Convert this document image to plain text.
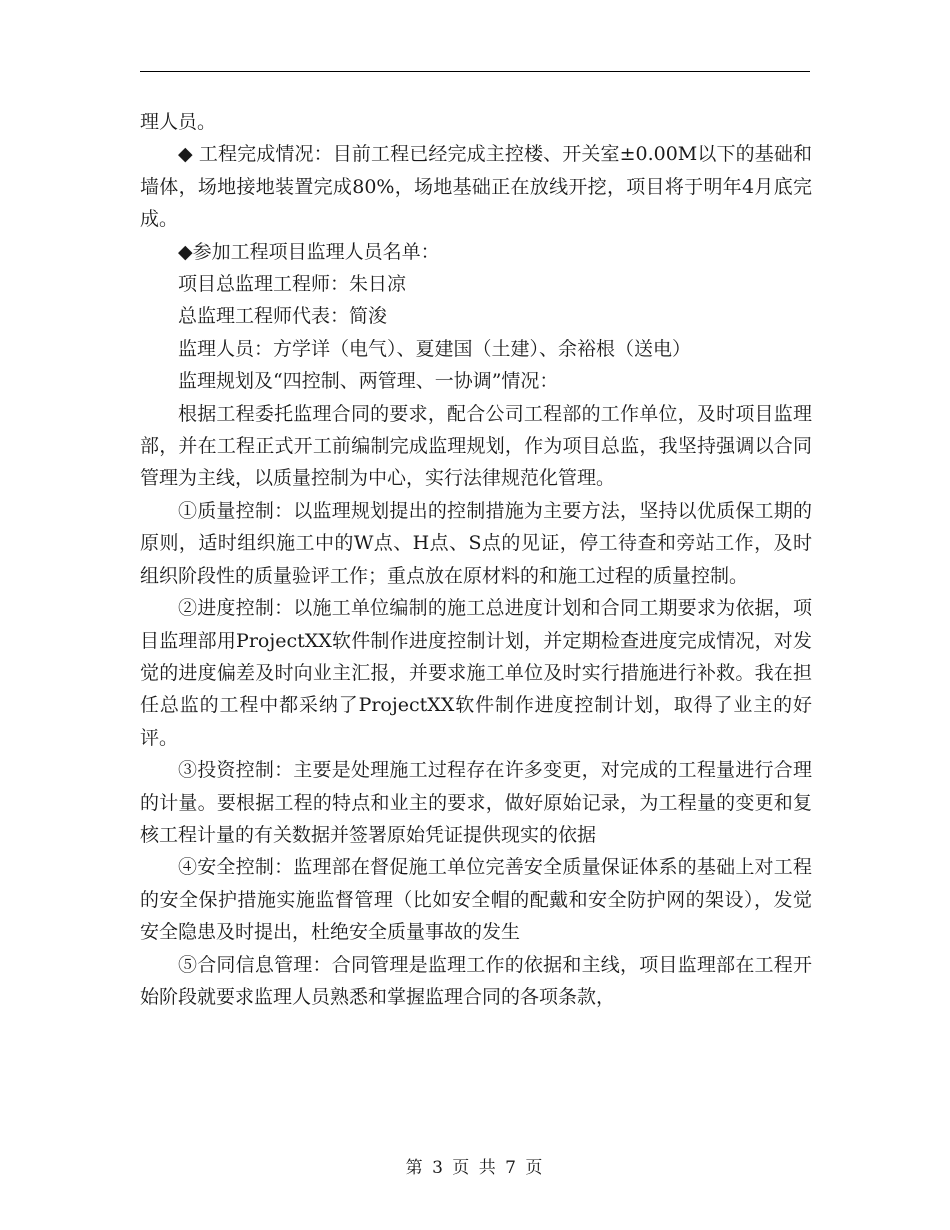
理人员。

◆ 工程完成情况：目前工程已经完成主控楼、开关室±0.00M以下的基础和墙体，场地接地装置完成80%，场地基础正在放线开挖，项目将于明年4月底完成。

◆参加工程项目监理人员名单：

项目总监理工程师：朱日凉

总监理工程师代表：简浚

监理人员：方学详（电气）、夏建国（土建）、余裕根（送电）

监理规划及“四控制、两管理、一协调”情况：

根据工程委托监理合同的要求，配合公司工程部的工作单位，及时项目监理部，并在工程正式开工前编制完成监理规划，作为项目总监，我坚持强调以合同管理为主线，以质量控制为中心，实行法律规范化管理。

①质量控制：以监理规划提出的控制措施为主要方法，坚持以优质保工期的原则，适时组织施工中的W点、H点、S点的见证，停工待查和旁站工作，及时组织阶段性的质量验评工作；重点放在原材料的和施工过程的质量控制。

②进度控制：以施工单位编制的施工总进度计划和合同工期要求为依据，项目监理部用ProjectXX软件制作进度控制计划，并定期检查进度完成情况，对发觉的进度偏差及时向业主汇报，并要求施工单位及时实行措施进行补救。我在担任总监的工程中都采纳了ProjectXX软件制作进度控制计划，取得了业主的好评。

③投资控制：主要是处理施工过程存在许多变更，对完成的工程量进行合理的计量。要根据工程的特点和业主的要求，做好原始记录，为工程量的变更和复核工程计量的有关数据并签署原始凭证提供现实的依据

④安全控制：监理部在督促施工单位完善安全质量保证体系的基础上对工程的安全保护措施实施监督管理（比如安全帽的配戴和安全防护网的架设），发觉安全隐患及时提出，杜绝安全质量事故的发生

⑤合同信息管理：合同管理是监理工作的依据和主线，项目监理部在工程开始阶段就要求监理人员熟悉和掌握监理合同的各项条款，

第 3 页 共 7 页
